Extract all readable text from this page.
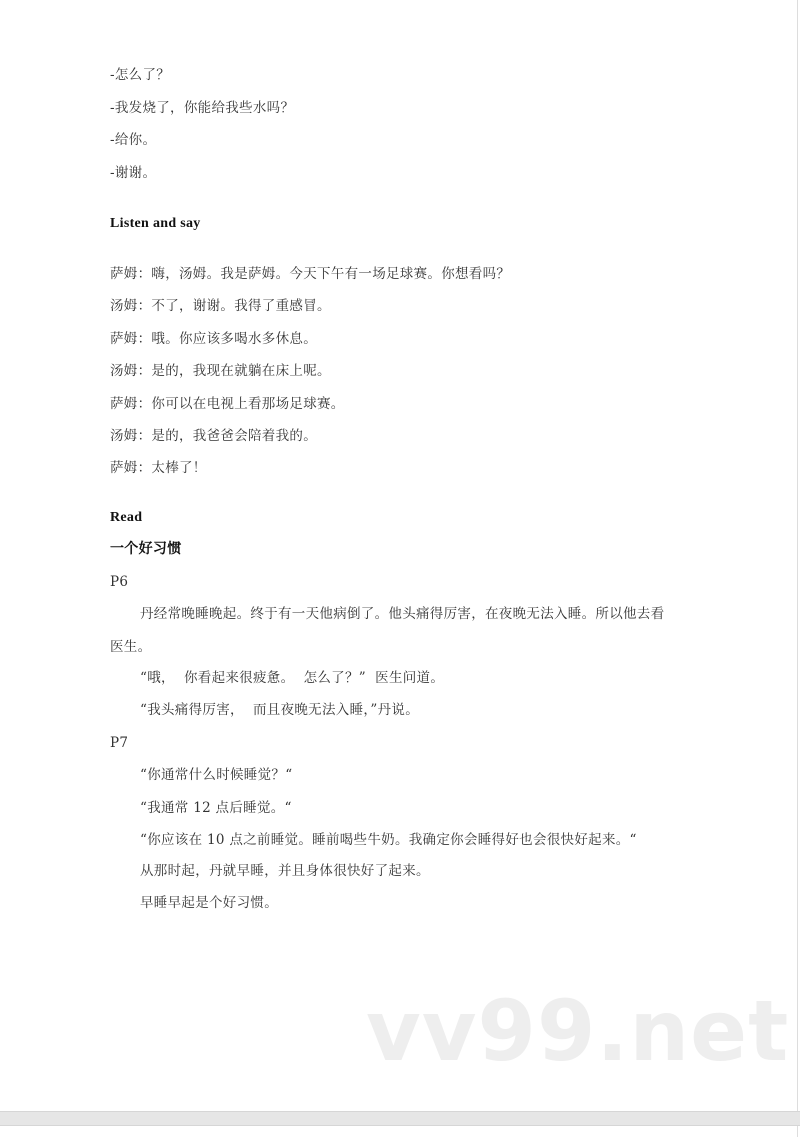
-怎么了？
-我发烧了，你能给我些水吗？
-给你。
-谢谢。
Listen and say
萨姆：嗨，汤姆。我是萨姆。今天下午有一场足球赛。你想看吗？
汤姆：不了，谢谢。我得了重感冒。
萨姆：哦。你应该多喝水多休息。
汤姆：是的，我现在就躺在床上呢。
萨姆：你可以在电视上看那场足球赛。
汤姆：是的，我爸爸会陪着我的。
萨姆：太棒了！
Read
一个好习惯
P6
丹经常晚睡晚起。终于有一天他病倒了。他头痛得厉害，在夜晚无法入睡。所以他去看
医生。
“哦，  你看起来很疲惫。  怎么了？”  医生问道。
“我头痛得厉害，  而且夜晚无法入睡，”丹说。
P7
“你通常什么时候睡觉？“
“我通常 12 点后睡觉。“
“你应该在 10 点之前睡觉。睡前喝些牛奶。我确定你会睡得好也会很快好起来。“
从那时起，丹就早睡，并且身体很快好了起来。
早睡早起是个好习惯。
vv99.net
